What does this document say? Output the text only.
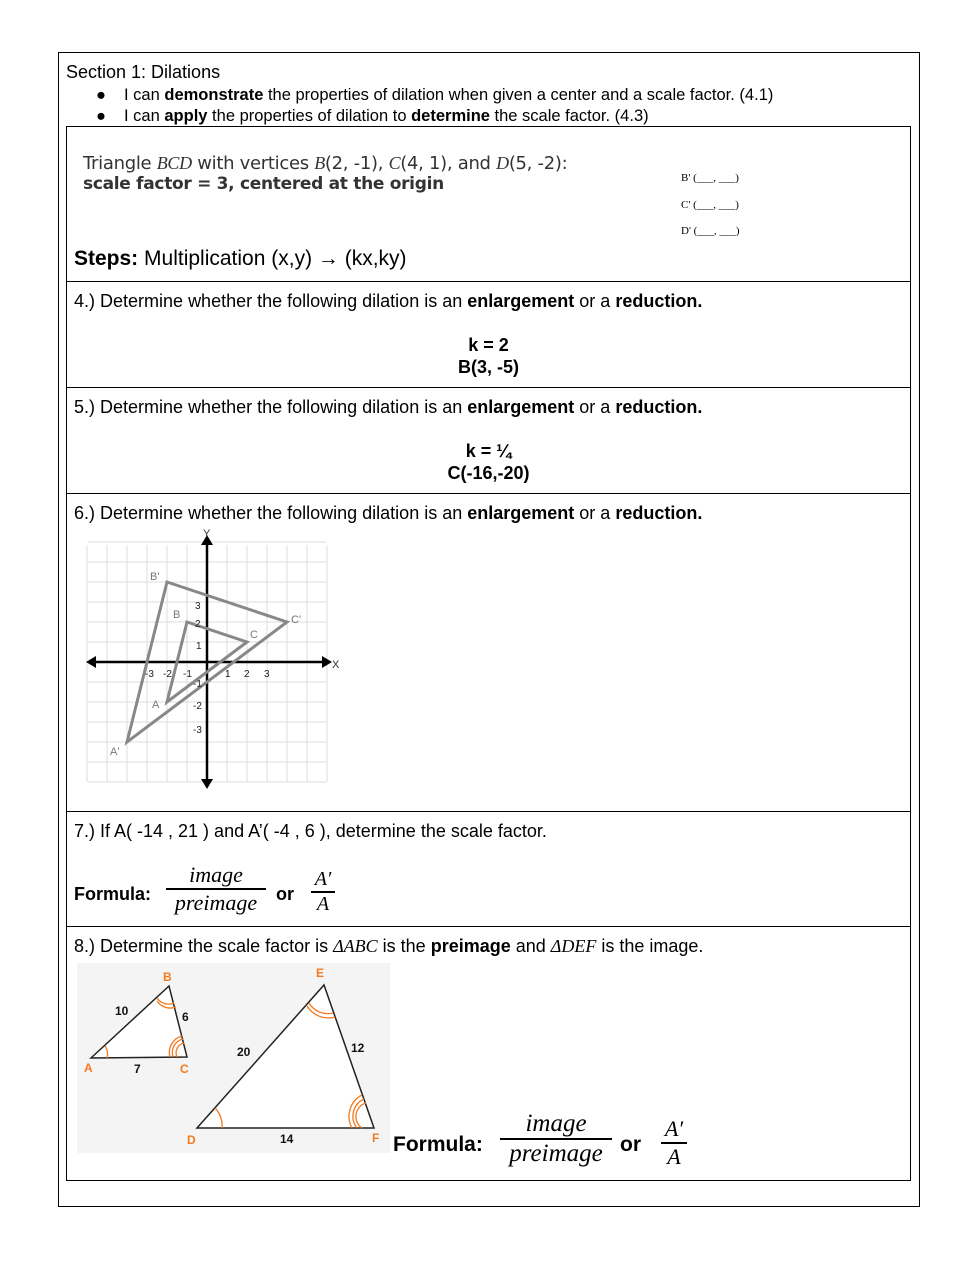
Section 1: Dilations
● I can demonstrate the properties of dilation when given a center and a scale factor. (4.1)
● I can apply the properties of dilation to determine the scale factor. (4.3)
Triangle BCD with vertices B(2, -1), C(4, 1), and D(5, -2):
scale factor = 3, centered at the origin	B' (___, ___)
C' (___, ___)
D' (___, ___)
Steps: Multiplication (x,y) → (kx,ky)
4.) Determine whether the following dilation is an enlargement or a reduction.
k = 2
B(3, -5)
5.) Determine whether the following dilation is an enlargement or a reduction.
k = ¼
C(-16,-20)
6.) Determine whether the following dilation is an enlargement or a reduction.
X
Y
B'
B
C
C'
A
A'
-3 -2 -1	1 2 3
3
2
1
-1
-2
-3
7.) If A( -14 , 21 ) and A’( -4 , 6 ), determine the scale factor.
Formula:
image
preimage	or $\frac{A'}{A}$
8.) Determine the scale factor is ΔABC is the preimage and ΔDEF is the image.
B
A	C
E
D	F
10	6
7
20	12
14	Formula:
image
preimage or $\frac{A'}{A}$
